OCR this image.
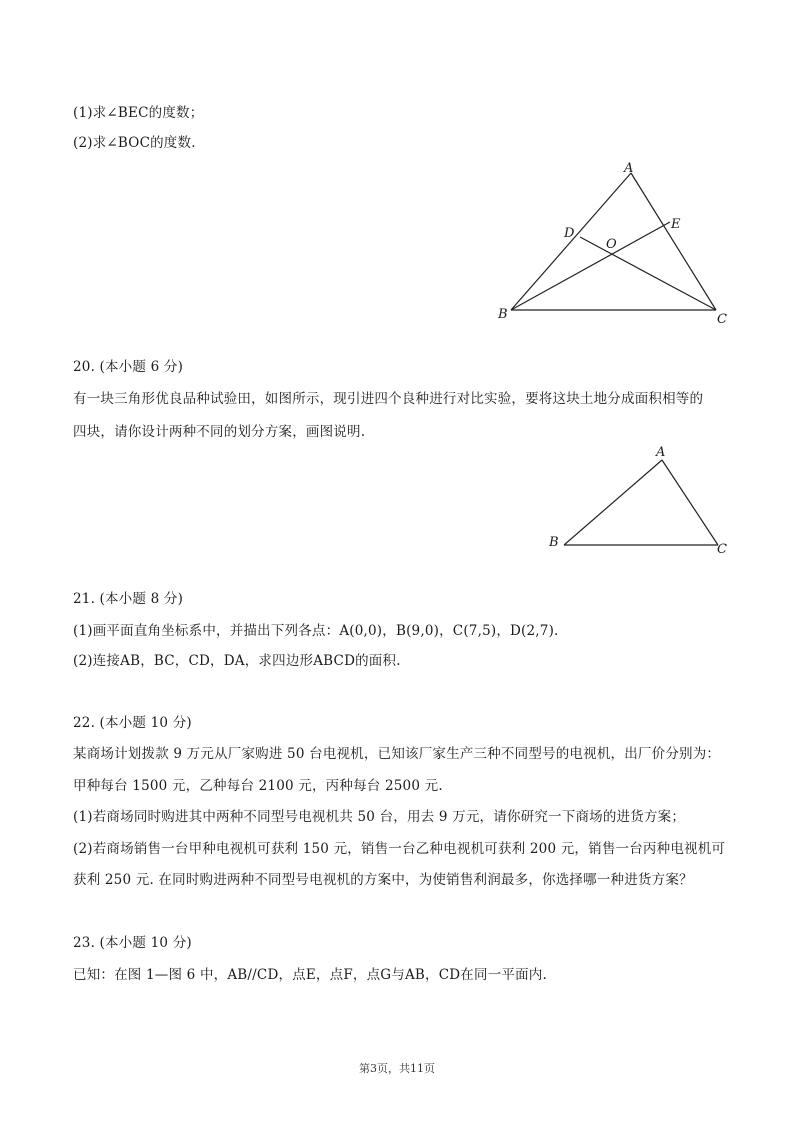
(1)求∠BEC的度数；
(2)求∠BOC的度数.
A
B	C
D
E
O
20. (本小题 6 分)
有一块三角形优良品种试验田，如图所示，现引进四个良种进行对比实验，要将这块土地分成面积相等的
四块，请你设计两种不同的划分方案，画图说明.
A
B	C
21. (本小题 8 分)
(1)画平面直角坐标系中，并描出下列各点：A(0,0)，B(9,0)，C(7,5)，D(2,7).
(2)连接AB，BC，CD，DA，求四边形ABCD的面积.
22. (本小题 10 分)
某商场计划拨款 9 万元从厂家购进 50 台电视机，已知该厂家生产三种不同型号的电视机，出厂价分别为：
甲种每台 1500 元，乙种每台 2100 元，丙种每台 2500 元.
(1)若商场同时购进其中两种不同型号电视机共 50 台，用去 9 万元，请你研究一下商场的进货方案；
(2)若商场销售一台甲种电视机可获利 150 元，销售一台乙种电视机可获利 200 元，销售一台丙种电视机可
获利 250 元. 在同时购进两种不同型号电视机的方案中，为使销售利润最多，你选择哪一种进货方案？
23. (本小题 10 分)
已知：在图 1—图 6 中，AB//CD，点E，点F，点G与AB，CD在同一平面内.
第3页，共11页
